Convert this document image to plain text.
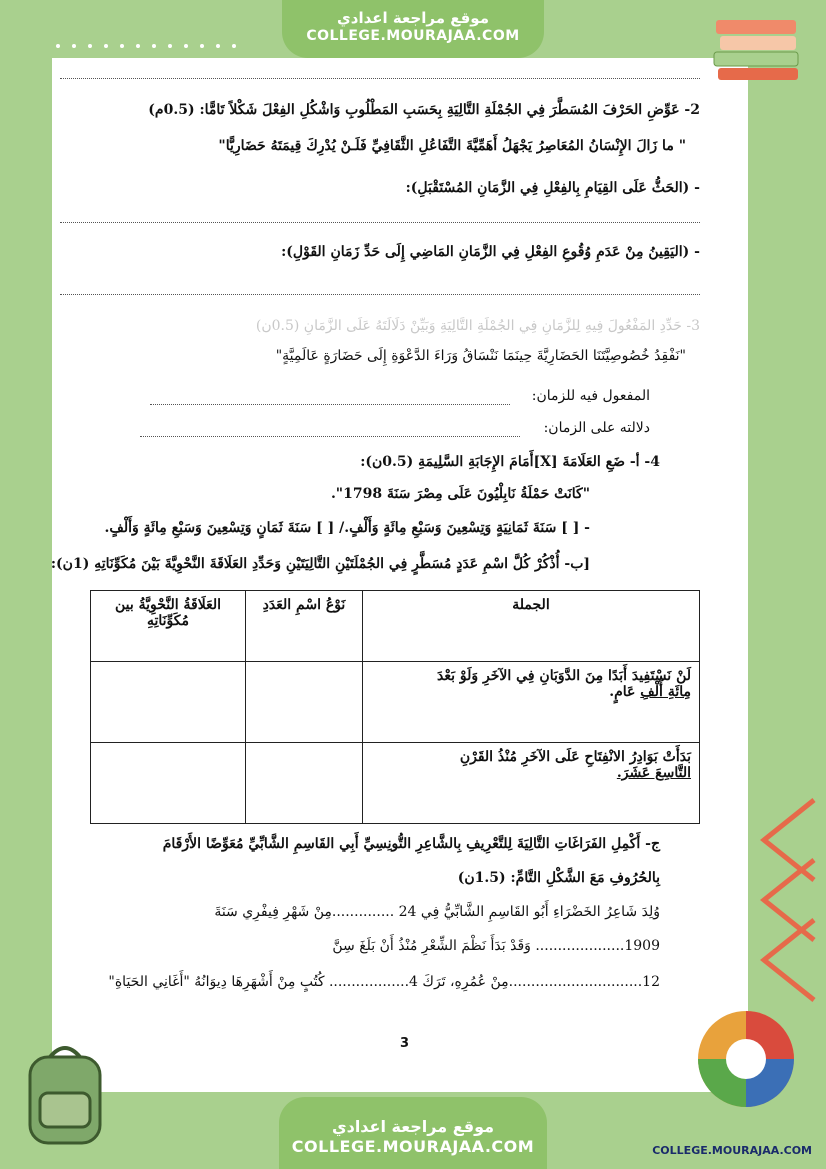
موقع مراجعة اعدادي
COLLEGE.MOURAJAA.COM
2- عَوِّضِ الحَرْفَ المُسَطَّرَ فِي الجُمْلَةِ التَّالِيَةِ بِحَسَبِ المَطْلُوبِ وَاشْكُلِ الفِعْلَ شَكْلاً تَامًّا: (0.5م)
" ما زَالَ الإِنْسَانُ المُعَاصِرُ يَجْهَلُ أَهَمِّيَّةَ التَّفَاعُلِ الثَّقَافِيِّ فَلَـنْ يُدْرِكَ قِيمَتَهُ حَضَارِيًّا"
- (الحَثُّ عَلَى القِيَامِ بِالفِعْلِ فِي الزَّمَانِ المُسْتَقْبَلِ):
- (اليَقِينُ مِنْ عَدَمِ وُقُوعِ الفِعْلِ فِي الزَّمَانِ المَاضِي إِلَى حَدِّ زَمَانِ القَوْلِ):
3- حَدِّدِ المَفْعُولَ فِيهِ لِلزَّمَانِ فِي الجُمْلَةِ التَّالِيَةِ وَبَيِّنْ دَلَالَتَهُ عَلَى الزَّمَانِ (0.5ن)
"نَفْقِدُ خُصُوصِيَّتَنَا الحَضَارِيَّةَ حِينَمَا نَنْسَاقُ وَرَاءَ الدَّعْوَةِ إِلَى حَضَارَةٍ عَالَمِيَّةٍ"
المفعول فيه للزمان:
دلالته على الزمان:
4- أ- ضَعِ العَلَامَةَ [X]أَمَامَ الإِجَابَةِ السَّلِيمَةِ (0.5ن):
"كَانَتْ حَمْلَةُ نَابِلْيُونَ عَلَى مِصْرَ سَنَةَ 1798".
- [ ] سَنَةَ ثَمَانِيَةٍ وَتِسْعِينَ وَسَبْعِ مِائَةٍ وَأَلْفٍ./ [ ] سَنَةَ ثَمَانٍ وَتِسْعِينَ وَسَبْعِ مِائَةٍ وَأَلْفٍ.
[ب- أُذْكُرْ كُلَّ اسْمِ عَدَدٍ مُسَطَّرٍ فِي الجُمْلَتَيْنِ التَّالِيَتَيْنِ وَحَدِّدِ العَلَاقَةَ النَّحْوِيَّةَ بَيْنَ مُكَوِّنَاتِهِ (1ن):
ج- أَكْمِلِ الفَرَاغَاتِ التَّالِيَةَ لِلتَّعْرِيفِ بِالشَّاعِرِ التُّونِسِيِّ أَبِي القَاسِمِ الشَّابِّيِّ مُعَوِّضًا الأَرْقَامَ
بِالحُرُوفِ مَعَ الشَّكْلِ التَّامِّ: (1.5ن)
وُلِدَ شَاعِرُ الخَضْرَاءِ أَبُو القَاسِمِ الشَّابِّيُّ فِي 24 ..............مِنْ شَهْرِ فِيفْرِي سَنَةَ
1909.................... وَقَدْ بَدَأَ نَظْمَ الشِّعْرِ مُنْذُ أَنْ بَلَغَ سِنَّ
12..............................مِنْ عُمُرِهِ، تَرَكَ 4.................. كُتُبٍ مِنْ أَشْهَرِهَا دِيوَانُهُ "أَغَانِي الحَيَاةِ"
الجملة	نَوْعُ اسْمِ العَدَدِ	العَلَاقَةُ النَّحْوِيَّةُ بين مُكَوِّنَاتِهِ
لَنْ نَسْتَفِيدَ أَبَدًا مِنَ الدَّوَبَانِ فِي الآخَرِ وَلَوْ بَعْدَ
مِائَةِ أَلْفِ عَامٍ.		
بَدَأَتْ بَوَادِرُ الانْفِتَاحِ عَلَى الآخَرِ مُنْذُ القَرْنِ
التَّاسِعَ عَشَرَ.		
3
COLLEGE.MOURAJAA.COM
موقع مراجعة اعدادي
COLLEGE.MOURAJAA.COM
